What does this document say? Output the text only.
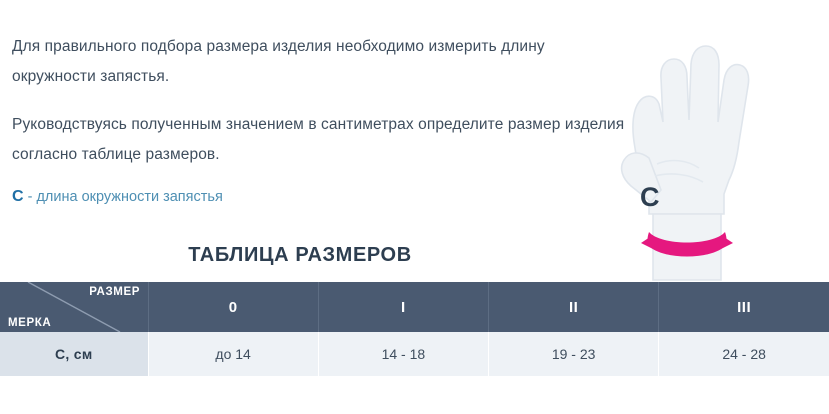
C

Для правильного подбора размера изделия необходимо измерить длину окружности запястья.

Руководствуясь полученным значением в сантиметрах определите размер изделия согласно таблице размеров.

C - длина окружности запястья

ТАБЛИЦА РАЗМЕРОВ
РАЗМЕР
МЕРКА	0	I	II	III
C, см	до 14	14 - 18	19 - 23	24 - 28
